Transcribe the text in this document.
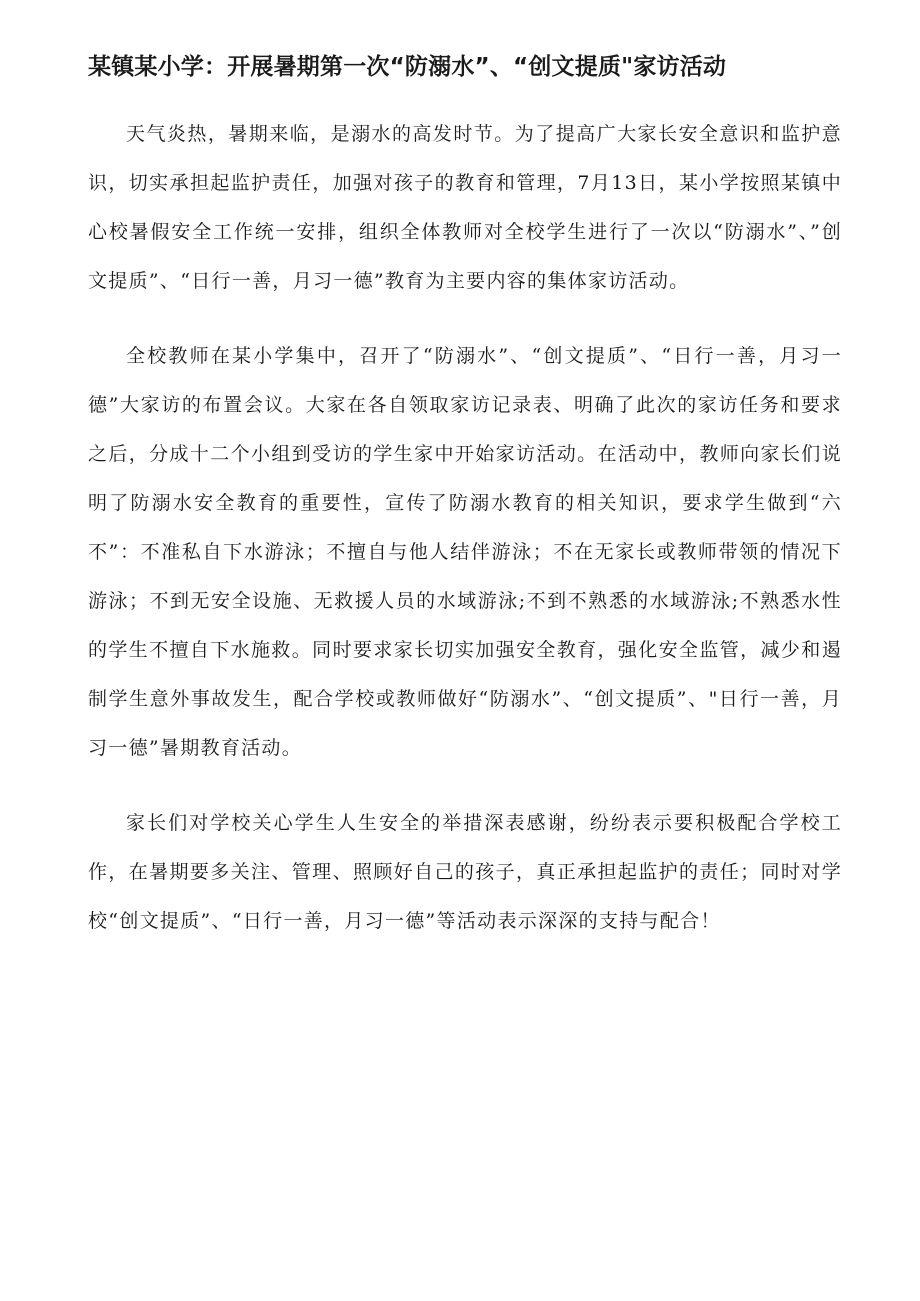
某镇某小学：开展暑期第一次“防溺水”、“创文提质"家访活动

天气炎热，暑期来临，是溺水的高发时节。为了提高广大家长安全意识和监护意识，切实承担起监护责任，加强对孩子的教育和管理，7月13日，某小学按照某镇中心校暑假安全工作统一安排，组织全体教师对全校学生进行了一次以“防溺水”、”创文提质”、“日行一善，月习一德”教育为主要内容的集体家访活动。

全校教师在某小学集中，召开了“防溺水”、“创文提质”、“日行一善，月习一德”大家访的布置会议。大家在各自领取家访记录表、明确了此次的家访任务和要求之后，分成十二个小组到受访的学生家中开始家访活动。在活动中，教师向家长们说明了防溺水安全教育的重要性，宣传了防溺水教育的相关知识，要求学生做到“六不”：不准私自下水游泳；不擅自与他人结伴游泳；不在无家长或教师带领的情况下游泳；不到无安全设施、无救援人员的水域游泳;不到不熟悉的水域游泳;不熟悉水性的学生不擅自下水施救。同时要求家长切实加强安全教育，强化安全监管，减少和遏制学生意外事故发生，配合学校或教师做好“防溺水”、“创文提质”、"日行一善，月习一德”暑期教育活动。

家长们对学校关心学生人生安全的举措深表感谢，纷纷表示要积极配合学校工作，在暑期要多关注、管理、照顾好自己的孩子，真正承担起监护的责任；同时对学校“创文提质”、“日行一善，月习一德”等活动表示深深的支持与配合！
